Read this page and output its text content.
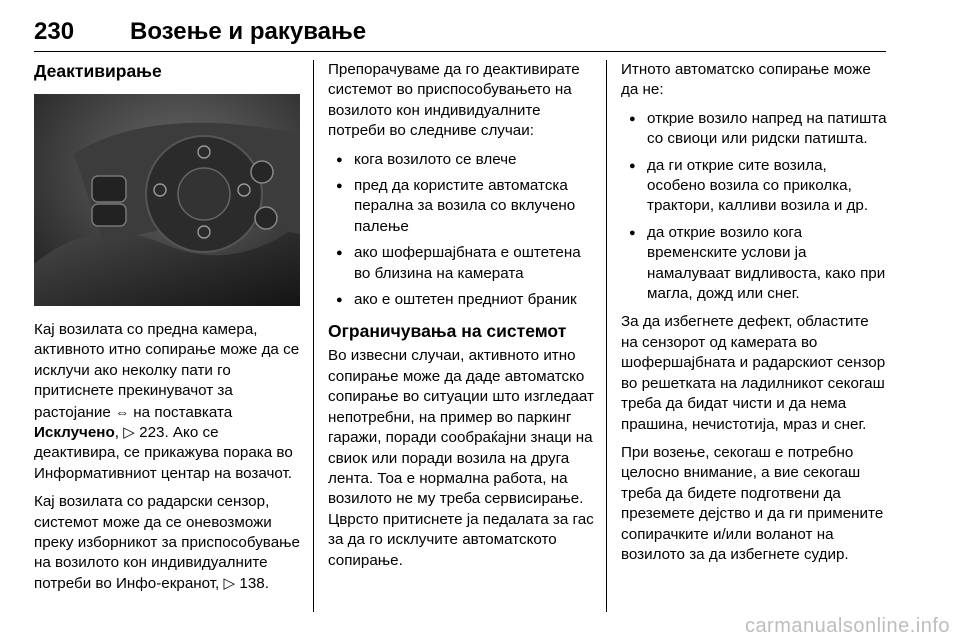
230 Возење и ракување
Деактивирање

Кај возилата со предна камера, активното итно сопирање може да се исклучи ако неколку пати го притиснете прекинувачот за растојание ⇔ на поставката Исклучено, ▷ 223. Ако се деактивира, се прикажува порака во Информативниот центар на возачот.

Кај возилата со радарски сензор, системот може да се оневозможи преку изборникот за приспособување на возилото кон индивидуалните потреби во Инфо-екранот, ▷ 138.

Препорачуваме да го деактивирате системот во приспособувањето на возилото кон индивидуалните потреби во следниве случаи:

● кога возилото се влече
● пред да користите автоматска перална за возила со вклучено палење
● ако шофершајбната е оштетена во близина на камерата
● ако е оштетен предниот браник
Ограничувања на системот

Во извесни случаи, активното итно сопирање може да даде автоматско сопирање во ситуации што изгледаат непотребни, на пример во паркинг гаражи, поради сообраќајни знаци на свиок или поради возила на друга лента. Тоа е нормална работа, на возилото не му треба сервисирање. Цврсто притиснете ја педалата за гас за да го исклучите автоматското сопирање.

Итното автоматско сопирање може да не:

● открие возило напред на патишта со свиоци или ридски патишта.
● да ги открие сите возила, особено возила со приколка, трактори, калливи возила и др.
● да открие возило кога временските услови ја намалуваат видливоста, како при магла, дожд или снег.

За да избегнете дефект, областите на сензорот од камерата во шофершајбната и радарскиот сензор во решетката на ладилникот секогаш треба да бидат чисти и да нема прашина, нечистотија, мраз и снег.

При возење, секогаш е потребно целосно внимание, а вие секогаш треба да бидете подготвени да преземете дејство и да ги примените сопирачките и/или воланот на возилото за да избегнете судир.

carmanualsonline.info
